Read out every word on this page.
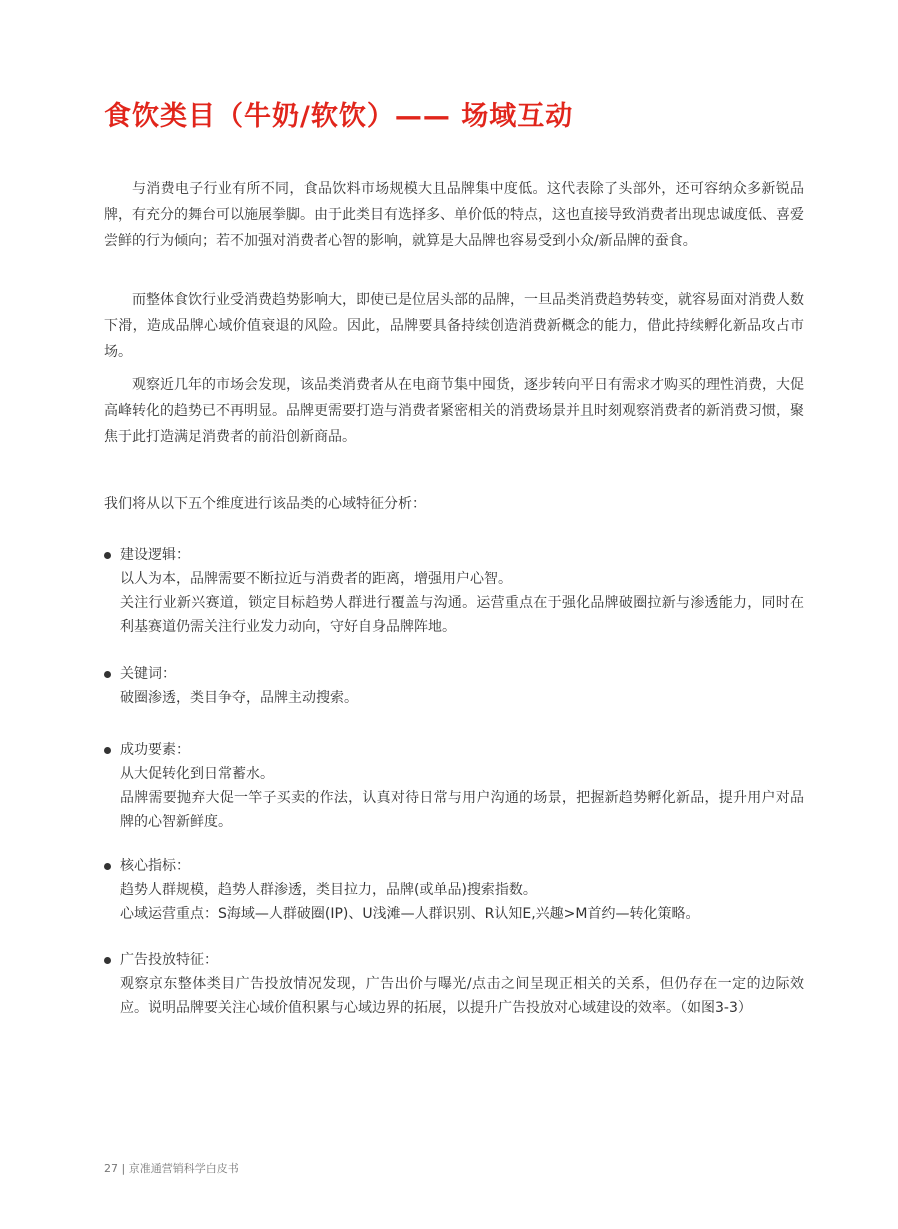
食饮类目（牛奶/软饮）—— 场域互动

与消费电子行业有所不同，食品饮料市场规模大且品牌集中度低。这代表除了头部外，还可容纳众多新锐品牌，有充分的舞台可以施展拳脚。由于此类目有选择多、单价低的特点，这也直接导致消费者出现忠诚度低、喜爱尝鲜的行为倾向；若不加强对消费者心智的影响，就算是大品牌也容易受到小众/新品牌的蚕食。

而整体食饮行业受消费趋势影响大，即使已是位居头部的品牌，一旦品类消费趋势转变，就容易面对消费人数下滑，造成品牌心域价值衰退的风险。因此，品牌要具备持续创造消费新概念的能力，借此持续孵化新品攻占市场。

观察近几年的市场会发现，该品类消费者从在电商节集中囤货，逐步转向平日有需求才购买的理性消费，大促高峰转化的趋势已不再明显。品牌更需要打造与消费者紧密相关的消费场景并且时刻观察消费者的新消费习惯，聚焦于此打造满足消费者的前沿创新商品。

我们将从以下五个维度进行该品类的心域特征分析：

建设逻辑：

以人为本，品牌需要不断拉近与消费者的距离，增强用户心智。

关注行业新兴赛道，锁定目标趋势人群进行覆盖与沟通。运营重点在于强化品牌破圈拉新与渗透能力，同时在利基赛道仍需关注行业发力动向，守好自身品牌阵地。

关键词：

破圈渗透，类目争夺，品牌主动搜索。

成功要素：

从大促转化到日常蓄水。

品牌需要抛弃大促一竿子买卖的作法，认真对待日常与用户沟通的场景，把握新趋势孵化新品，提升用户对品牌的心智新鲜度。

核心指标：

趋势人群规模，趋势人群渗透，类目拉力，品牌(或单品)搜索指数。

心域运营重点：S海域—人群破圈(IP)、U浅滩—人群识别、R认知E,兴趣>M首约—转化策略。

广告投放特征：

观察京东整体类目广告投放情况发现，广告出价与曝光/点击之间呈现正相关的关系，但仍存在一定的边际效应。说明品牌要关注心域价值积累与心域边界的拓展，以提升广告投放对心域建设的效率。（如图3-3）

27 | 京准通营销科学白皮书
